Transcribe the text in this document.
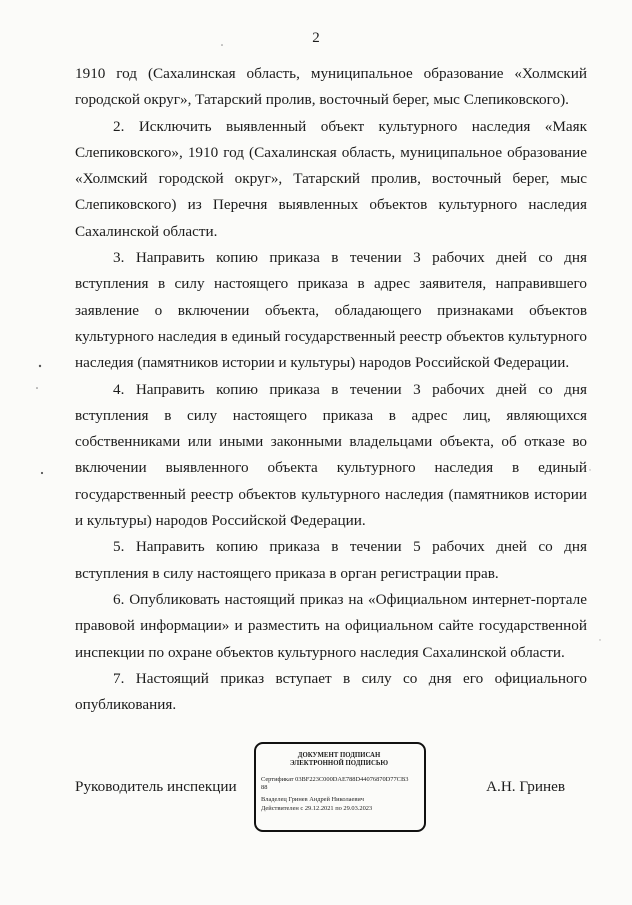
2

1910 год (Сахалинская область, муниципальное образование «Холмский городской округ», Татарский пролив, восточный берег, мыс Слепиковского).

2. Исключить выявленный объект культурного наследия «Маяк Слепиковского», 1910 год (Сахалинская область, муниципальное образование «Холмский городской округ», Татарский пролив, восточный берег, мыс Слепиковского) из Перечня выявленных объектов культурного наследия Сахалинской области.

3. Направить копию приказа в течении 3 рабочих дней со дня вступления в силу настоящего приказа в адрес заявителя, направившего заявление о включении объекта, обладающего признаками объектов культурного наследия в единый государственный реестр объектов культурного наследия (памятников истории и культуры) народов Российской Федерации.

4. Направить копию приказа в течении 3 рабочих дней со дня вступления в силу настоящего приказа в адрес лиц, являющихся собственниками или иными законными владельцами объекта, об отказе во включении выявленного объекта культурного наследия в единый государственный реестр объектов культурного наследия (памятников истории и культуры) народов Российской Федерации.

5. Направить копию приказа в течении 5 рабочих дней со дня вступления в силу настоящего приказа в орган регистрации прав.

6. Опубликовать настоящий приказ на «Официальном интернет-портале правовой информации» и разместить на официальном сайте государственной инспекции по охране объектов культурного наследия Сахалинской области.

7. Настоящий приказ вступает в силу со дня его официального опубликования.

Руководитель инспекции
ДОКУМЕНТ ПОДПИСАН
ЭЛЕКТРОННОЙ ПОДПИСЬЮ
Сертификат 03BF223C000DAE788D44076870D77CB3
88
Владелец Гринев Андрей Николаевич
Действителен с 29.12.2021 по 29.03.2023
А.Н. Гринев
